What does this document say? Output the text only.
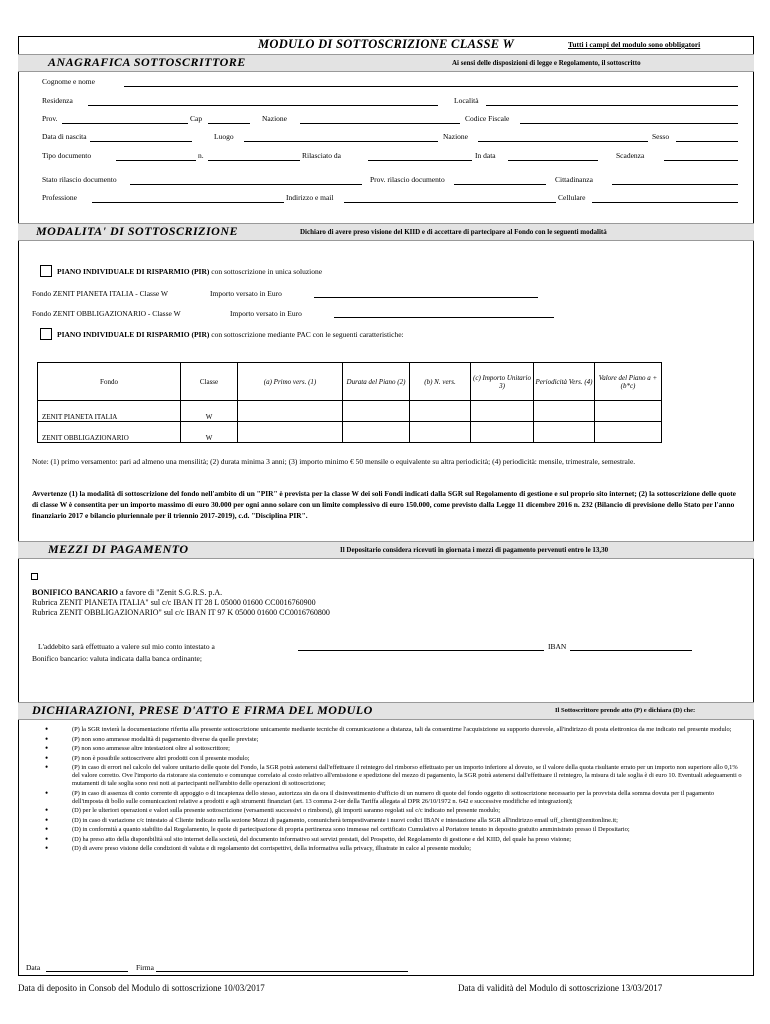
MODULO DI SOTTOSCRIZIONE CLASSE W	Tutti i campi del modulo sono obbligatori
ANAGRAFICA SOTTOSCRITTORE	Ai sensi delle disposizioni di legge e Regolamento, il sottoscritto
Cognome e nome
Residenza	Località
Prov.	Cap	Nazione	Codice Fiscale
Data di nascita	Luogo	Nazione	Sesso
Tipo documento	n.	Rilasciato da	In data	Scadenza
Stato rilascio documento	Prov. rilascio documento	Cittadinanza
Professione	Indirizzo e mail	Cellulare
MODALITA' DI SOTTOSCRIZIONE	Dichiaro di avere preso visione del KIID e di accettare di partecipare al Fondo con le seguenti modalità
PIANO INDIVIDUALE DI RISPARMIO (PIR) con sottoscrizione in unica soluzione
Fondo ZENIT PIANETA ITALIA - Classe W	Importo versato in Euro
Fondo ZENIT OBBLIGAZIONARIO - Classe W	Importo versato in Euro
PIANO INDIVIDUALE DI RISPARMIO (PIR) con sottoscrizione mediante PAC con le seguenti caratteristiche:
Fondo	Classe	(a) Primo vers. (1)	Durata del Piano (2)	(b) N. vers.	(c) Importo Unitario 3)	Periodicità Vers. (4)	Valore del Piano a + (b*c)
ZENIT PIANETA ITALIA	W						
ZENIT OBBLIGAZIONARIO	W						
Note: (1) primo versamento: pari ad almeno una mensilità; (2) durata minima 3 anni; (3) importo minimo € 50 mensile o equivalente su altra periodicità; (4) periodicità: mensile, trimestrale, semestrale.
Avvertenze (1) la modalità di sottoscrizione del fondo nell'ambito di un "PIR" è prevista per la classe W dei soli Fondi indicati dalla SGR sul Regolamento di gestione e sul proprio sito internet; (2) la sottoscrizione delle quote di classe W è consentita per un importo massimo di euro 30.000 per ogni anno solare con un limite complessivo di euro 150.000, come previsto dalla Legge 11 dicembre 2016 n. 232 (Bilancio di previsione dello Stato per l'anno finanziario 2017 e bilancio pluriennale per il triennio 2017-2019), c.d. "Disciplina PIR".
MEZZI DI PAGAMENTO	Il Depositario considera ricevuti in giornata i mezzi di pagamento pervenuti entro le 13,30
BONIFICO BANCARIO a favore di "Zenit S.G.R.S. p.A.
Rubrica ZENIT PIANETA ITALIA" sul c/c IBAN IT 28 L 05000 01600 CC0016760900
Rubrica ZENIT OBBLIGAZIONARIO" sul c/c IBAN IT 97 K 05000 01600 CC0016760800
L'addebito sarà effettuato a valere sul mio conto intestato a	IBAN
Bonifico bancario: valuta indicata dalla banca ordinante;
DICHIARAZIONI, PRESE D'ATTO E FIRMA DEL MODULO	Il Sottoscrittore prende atto (P) e dichiara (D) che:
• (P) la SGR invierà la documentazione riferita alla presente sottoscrizione unicamente mediante tecniche di comunicazione a distanza, tali da consentirne l'acquisizione su supporto durevole, all'indirizzo di posta elettronica da me indicato nel presente modulo;
• (P) non sono ammesse modalità di pagamento diverse da quelle previste;
• (P) non sono ammesse altre intestazioni oltre al sottoscrittore;
• (P) non è possibile sottoscrivere altri prodotti con il presente modulo;
• (P) in caso di errori nel calcolo del valore unitario delle quote del Fondo, la SGR potrà astenersi dall'effettuare il reintegro del rimborso effettuato per un importo inferiore al dovuto, se il valore della quota risultante errato per un importo non superiore allo 0,1% del valore corretto. Ove l'importo da ristorare sia contenuto e comunque correlato al costo relativo all'emissione e spedizione del mezzo di pagamento, la SGR potrà astenersi dall'effettuare il reintegro, la misura di tale soglia è di euro 10. Eventuali adeguamenti o mutamenti di tale soglia sono resi noti ai partecipanti nell'ambito delle operazioni di sottoscrizione;
• (P) in caso di assenza di conto corrente di appoggio o di incapienza dello stesso, autorizza sin da ora il disinvestimento d'ufficio di un numero di quote del fondo oggetto di sottoscrizione necessario per la provvista della somma dovuta per il pagamento dell'imposta di bollo sulle comunicazioni relative a prodotti e agli strumenti finanziari (art. 13 comma 2-ter della Tariffa allegata al DPR 26/10/1972 n. 642 e successive modifiche ed integrazioni);
• (D) per le ulteriori operazioni e valori sulla presente sottoscrizione (versamenti successivi o rimborsi), gli importi saranno regolati sul c/c indicato nel presente modulo;
• (D) in caso di variazione c/c intestato al Cliente indicato nella sezione Mezzi di pagamento, comunicherà tempestivamente i nuovi codici IBAN e intestazione alla SGR all'indirizzo email uff_clienti@zenitonline.it;
• (D) in conformità a quanto stabilito dal Regolamento, le quote di partecipazione di propria pertinenza sono immesse nel certificato Cumulativo al Portatore tenuto in deposito gratuito amministrato presso il Depositario;
• (D) ha preso atto della disponibilità sul sito internet della società, del documento informativo sui servizi prestati, del Prospetto, del Regolamento di gestione e del KIID, del quale ha preso visione;
• (D) di avere preso visione delle condizioni di valuta e di regolamento dei corrispettivi, della informativa sulla privacy, illustrate in calce al presente modulo;
Data	Firma
Data di deposito in Consob del Modulo di sottoscrizione 10/03/2017	Data di validità del Modulo di sottoscrizione 13/03/2017
